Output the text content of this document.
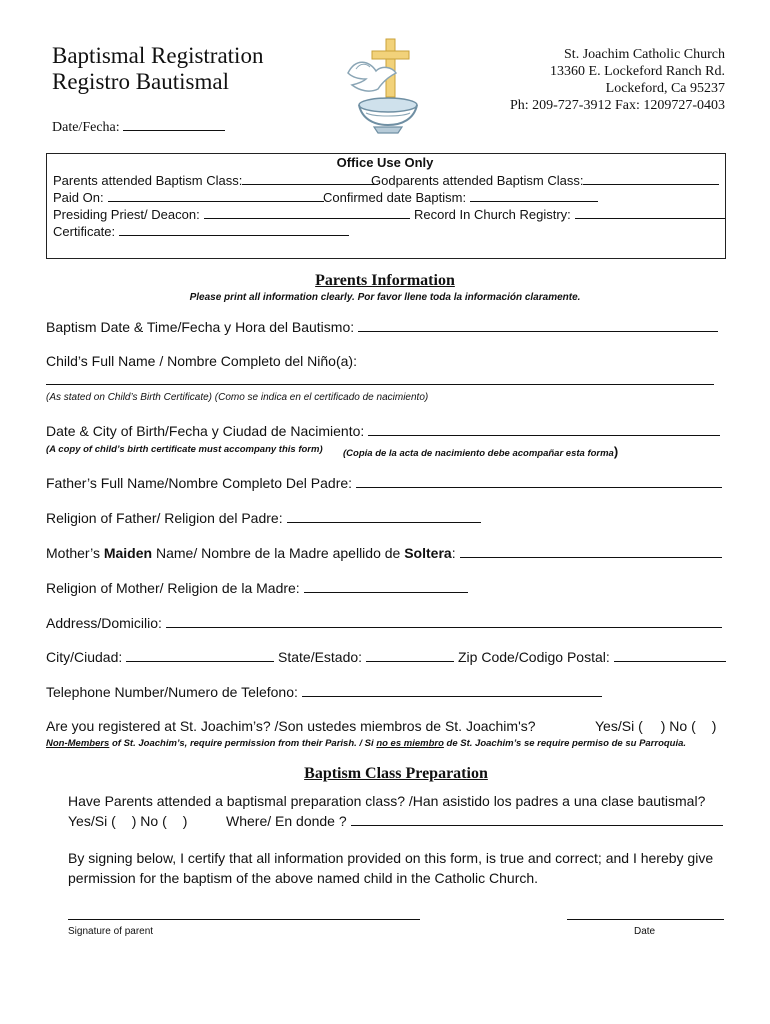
Baptismal Registration
Registro Bautismal
St. Joachim Catholic Church
13360 E. Lockeford Ranch Rd.
Lockeford, Ca 95237
Ph: 209-727-3912 Fax: 1209727-0403
Date/Fecha:
Office Use Only
Parents attended Baptism Class:	Godparents attended Baptism Class:
Paid On:	Confirmed date Baptism:
Presiding Priest/ Deacon:	Record In Church Registry:
Certificate:
Parents Information
Please print all information clearly. Por favor llene toda la información claramente.
Baptism Date & Time/Fecha y Hora del Bautismo:
Child’s Full Name / Nombre Completo del Niño(a):
(As stated on Child’s Birth Certificate) (Como se indica en el certificado de nacimiento)
Date & City of Birth/Fecha y Ciudad de Nacimiento:
(A copy of child’s birth certificate must accompany this form) (Copia de la acta de nacimiento debe acompañar esta forma)
Father’s Full Name/Nombre Completo Del Padre:
Religion of Father/ Religion del Padre:
Mother’s Maiden Name/ Nombre de la Madre apellido de Soltera:
Religion of Mother/ Religion de la Madre:
Address/Domicilio:
City/Ciudad:	State/Estado:	Zip Code/Codigo Postal:
Telephone Number/Numero de Telefono:
Are you registered at St. Joachim’s? /Son ustedes miembros de St. Joachim's?	Yes/Si ( ) No ( )
Non-Members of St. Joachim’s, require permission from their Parish. / Si no es miembro de St. Joachim’s se require permiso de su Parroquia.
Baptism Class Preparation
Have Parents attended a baptismal preparation class? /Han asistido los padres a una clase bautismal?
Yes/Si ( ) No ( )	Where/ En donde ?
By signing below, I certify that all information provided on this form, is true and correct; and I hereby give
permission for the baptism of the above named child in the Catholic Church.
Signature of parent	Date
